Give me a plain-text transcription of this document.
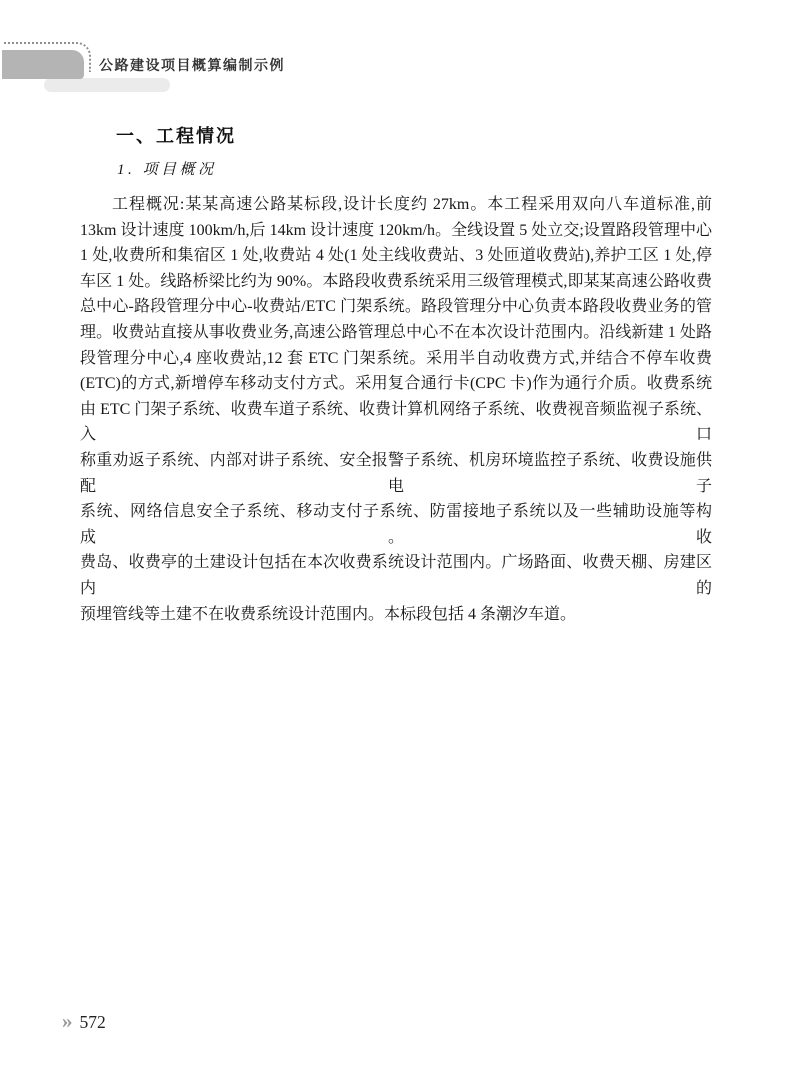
公路建设项目概算编制示例
一、工程情况
1. 项目概况
工程概况:某某高速公路某标段,设计长度约 27km。本工程采用双向八车道标准,前
13km 设计速度 100km/h,后 14km 设计速度 120km/h。全线设置 5 处立交;设置路段管理中心
1 处,收费所和集宿区 1 处,收费站 4 处(1 处主线收费站、3 处匝道收费站),养护工区 1 处,停
车区 1 处。线路桥梁比约为 90%。本路段收费系统采用三级管理模式,即某某高速公路收费
总中心-路段管理分中心-收费站/ETC 门架系统。路段管理分中心负责本路段收费业务的管
理。收费站直接从事收费业务,高速公路管理总中心不在本次设计范围内。沿线新建 1 处路
段管理分中心,4 座收费站,12 套 ETC 门架系统。采用半自动收费方式,并结合不停车收费
(ETC)的方式,新增停车移动支付方式。采用复合通行卡(CPC 卡)作为通行介质。收费系统
由 ETC 门架子系统、收费车道子系统、收费计算机网络子系统、收费视音频监视子系统、入口
称重劝返子系统、内部对讲子系统、安全报警子系统、机房环境监控子系统、收费设施供配电子
系统、网络信息安全子系统、移动支付子系统、防雷接地子系统以及一些辅助设施等构成。收
费岛、收费亭的土建设计包括在本次收费系统设计范围内。广场路面、收费天棚、房建区内的
预埋管线等土建不在收费系统设计范围内。本标段包括 4 条潮汐车道。
» 572
